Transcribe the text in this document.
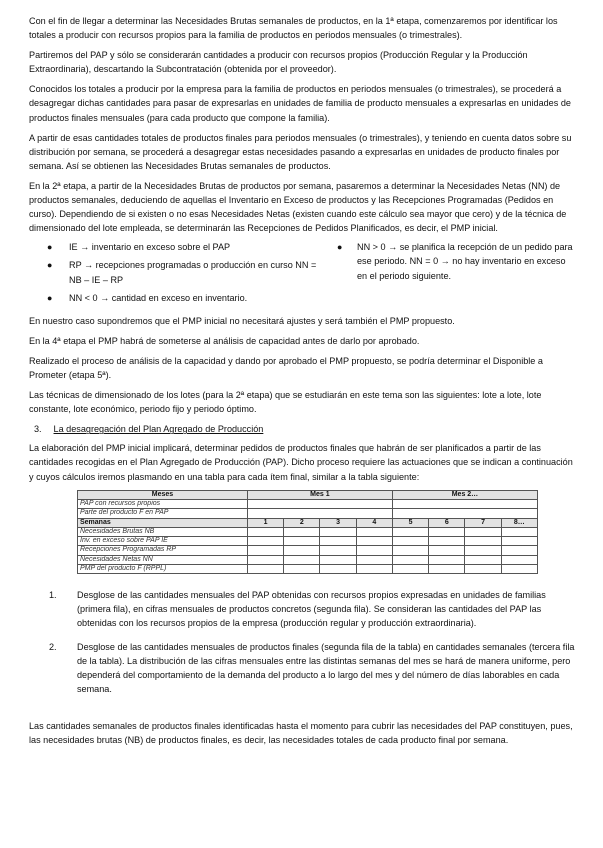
Con el fin de llegar a determinar las Necesidades Brutas semanales de productos, en la 1ª etapa, comenzaremos por identificar los totales a producir con recursos propios para la familia de productos en periodos mensuales (o trimestrales).

Partiremos del PAP y sólo se considerarán cantidades a producir con recursos propios (Producción Regular y la Producción Extraordinaria), descartando la Subcontratación (obtenida por el proveedor).

Conocidos los totales a producir por la empresa para la familia de productos en periodos mensuales (o trimestrales), se procederá a desagregar dichas cantidades para pasar de expresarlas en unidades de familia de producto mensuales a expresarlas en unidades de productos finales mensuales (para cada producto que compone la familia).

A partir de esas cantidades totales de productos finales para periodos mensuales (o trimestrales), y teniendo en cuenta datos sobre su distribución por semana, se procederá a desagregar estas necesidades pasando a expresarlas en unidades de producto finales por semana. Así se obtienen las Necesidades Brutas semanales de productos.

En la 2ª etapa, a partir de la Necesidades Brutas de productos por semana, pasaremos a determinar la Necesidades Netas (NN) de productos semanales, deduciendo de aquellas el Inventario en Exceso de productos y las Recepciones Programadas (Pedidos en curso). Dependiendo de si existen o no esas Necesidades Netas (existen cuando este cálculo sea mayor que cero) y de la técnica de dimensionado del lote empleada, se determinarán las Recepciones de Pedidos Planificados, es decir, el PMP inicial.

● IE → inventario en exceso sobre el PAP
● RP → recepciones programadas o producción en curso NN = NB – IE – RP
● NN < 0 → cantidad en exceso en inventario.
● NN > 0 → se planifica la recepción de un pedido para ese periodo. NN = 0 → no hay inventario en exceso en el periodo siguiente.

En nuestro caso supondremos que el PMP inicial no necesitará ajustes y será también el PMP propuesto.

En la 4ª etapa el PMP habrá de someterse al análisis de capacidad antes de darlo por aprobado.

Realizado el proceso de análisis de la capacidad y dando por aprobado el PMP propuesto, se podría determinar el Disponible a Prometer (etapa 5ª).

Las técnicas de dimensionado de los lotes (para la 2ª etapa) que se estudiarán en este tema son las siguientes: lote a lote, lote constante, lote económico, periodo fijo y periodo óptimo.

3. La desagregación del Plan Agregado de Producción

La elaboración del PMP inicial implicará, determinar pedidos de productos finales que habrán de ser planificados a partir de las cantidades recogidas en el Plan Agregado de Producción (PAP). Dicho proceso requiere las actuaciones que se indican a continuación y cuyos cálculos iremos plasmando en una tabla para cada ítem final, similar a la tabla siguiente:

Meses	Mes 1				Mes 2…			
PAP con recursos propios								
Parte del producto F en PAP								
Semanas	1	2	3	4	5	6	7	8…
Necesidades Brutas NB								
Inv. en exceso sobre PAP IE								
Recepciones Programadas RP								
Necesidades Netas NN								
PMP del producto F (RPPL)								
1. Desglose de las cantidades mensuales del PAP obtenidas con recursos propios expresadas en unidades de familias (primera fila), en cifras mensuales de productos concretos (segunda fila). Se consideran las cantidades del PAP las obtenidas con los recursos propios de la empresa (producción regular y producción extraordinaria).
2. Desglose de las cantidades mensuales de productos finales (segunda fila de la tabla) en cantidades semanales (tercera fila de la tabla). La distribución de las cifras mensuales entre las distintas semanas del mes se hará de manera uniforme, pero dependerá del comportamiento de la demanda del producto a lo largo del mes y del número de días laborables en cada semana.

Las cantidades semanales de productos finales identificadas hasta el momento para cubrir las necesidades del PAP constituyen, pues, las necesidades brutas (NB) de productos finales, es decir, las necesidades totales de cada producto final por semana.
